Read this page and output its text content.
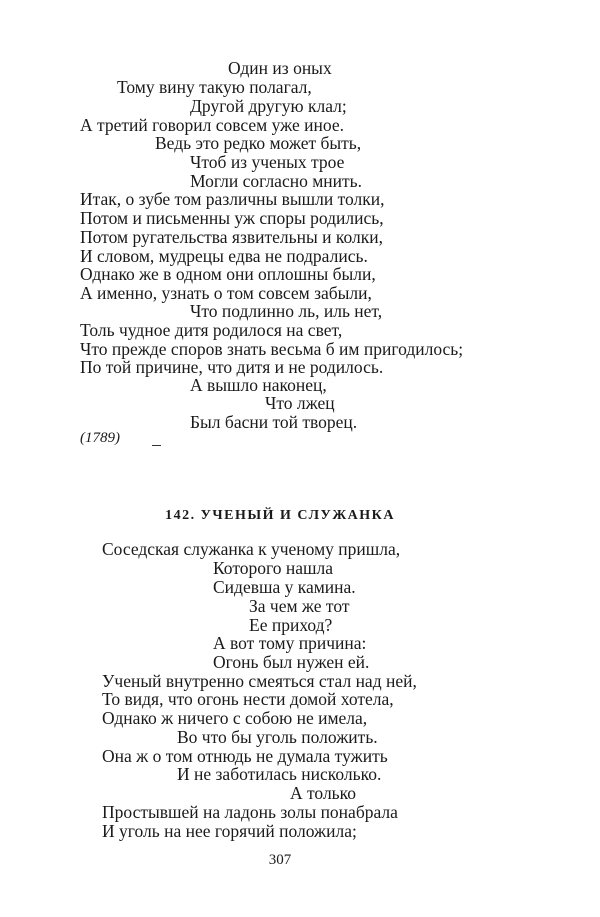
Один из оных
Тому вину такую полагал,
Другой другую клал;
А третий говорил совсем уже иное.
Ведь это редко может быть,
Чтоб из ученых трое
Могли согласно мнить.
Итак, о зубе том различны вышли толки,
Потом и письменны уж споры родились,
Потом ругательства язвительны и колки,
И словом, мудрецы едва не подрались.
Однако же в одном они оплошны были,
А именно, узнать о том совсем забыли,
Что подлинно ль, иль нет,
Толь чудное дитя родилося на свет,
Что прежде споров знать весьма б им пригодилось;
По той причине, что дитя и не родилось.
А вышло наконец,
Что лжец
Был басни той творец.
(1789)
142. УЧЕНЫЙ И СЛУЖАНКА
Соседская служанка к ученому пришла,
Которого нашла
Сидевша у камина.
За чем же тот
Ее приход?
А вот тому причина:
Огонь был нужен ей.
Ученый внутренно смеяться стал над ней,
То видя, что огонь нести домой хотела,
Однако ж ничего с собою не имела,
Во что бы уголь положить.
Она ж о том отнюдь не думала тужить
И не заботилась нисколько.
А только
Простывшей на ладонь золы понабрала
И уголь на нее горячий положила;
307
